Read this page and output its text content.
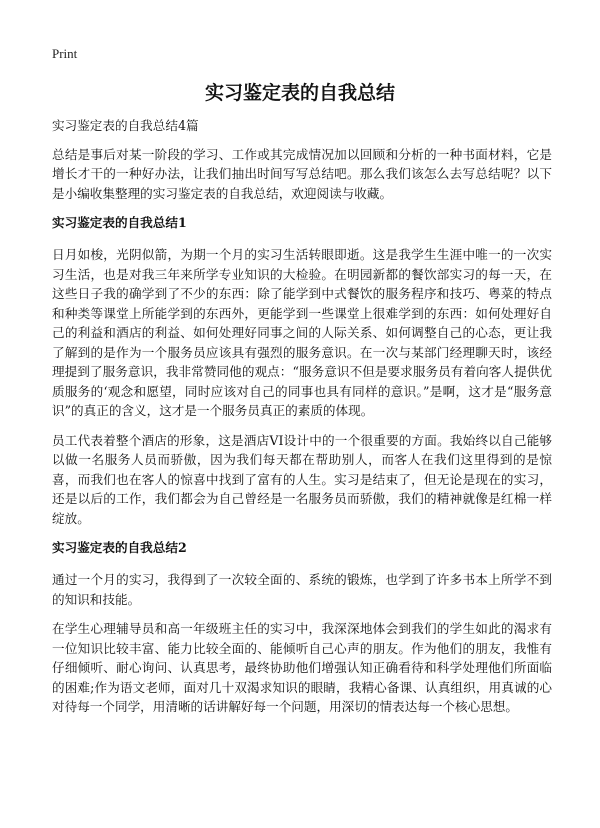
Print
实习鉴定表的自我总结

实习鉴定表的自我总结4篇

总结是事后对某一阶段的学习、工作或其完成情况加以回顾和分析的一种书面材料，它是增长才干的一种好办法，让我们抽出时间写写总结吧。那么我们该怎么去写总结呢？以下是小编收集整理的实习鉴定表的自我总结，欢迎阅读与收藏。

实习鉴定表的自我总结1

日月如梭，光阴似箭，为期一个月的实习生活转眼即逝。这是我学生生涯中唯一的一次实习生活，也是对我三年来所学专业知识的大检验。在明园新都的餐饮部实习的每一天，在这些日子我的确学到了不少的东西：除了能学到中式餐饮的服务程序和技巧、粤菜的特点和种类等课堂上所能学到的东西外，更能学到一些课堂上很难学到的东西：如何处理好自己的利益和酒店的利益、如何处理好同事之间的人际关系、如何调整自己的心态，更让我了解到的是作为一个服务员应该具有强烈的服务意识。在一次与某部门经理聊天时，该经理提到了服务意识，我非常赞同他的观点：“服务意识不但是要求服务员有着向客人提供优质服务的‘观念和愿望，同时应该对自己的同事也具有同样的意识。”是啊，这才是“服务意识”的真正的含义，这才是一个服务员真正的素质的体现。

员工代表着整个酒店的形象，这是酒店VI设计中的一个很重要的方面。我始终以自己能够以做一名服务人员而骄傲，因为我们每天都在帮助别人，而客人在我们这里得到的是惊喜，而我们也在客人的惊喜中找到了富有的人生。实习是结束了，但无论是现在的实习，还是以后的工作，我们都会为自己曾经是一名服务员而骄傲，我们的精神就像是红棉一样绽放。

实习鉴定表的自我总结2

通过一个月的实习，我得到了一次较全面的、系统的锻炼，也学到了许多书本上所学不到的知识和技能。

在学生心理辅导员和高一年级班主任的实习中，我深深地体会到我们的学生如此的渴求有一位知识比较丰富、能力比较全面的、能倾听自己心声的朋友。作为他们的朋友，我惟有仔细倾听、耐心询问、认真思考，最终协助他们增强认知正确看待和科学处理他们所面临的困难;作为语文老师，面对几十双渴求知识的眼睛，我精心备课、认真组织，用真诚的心对待每一个同学，用清晰的话讲解好每一个问题，用深切的情表达每一个核心思想。
